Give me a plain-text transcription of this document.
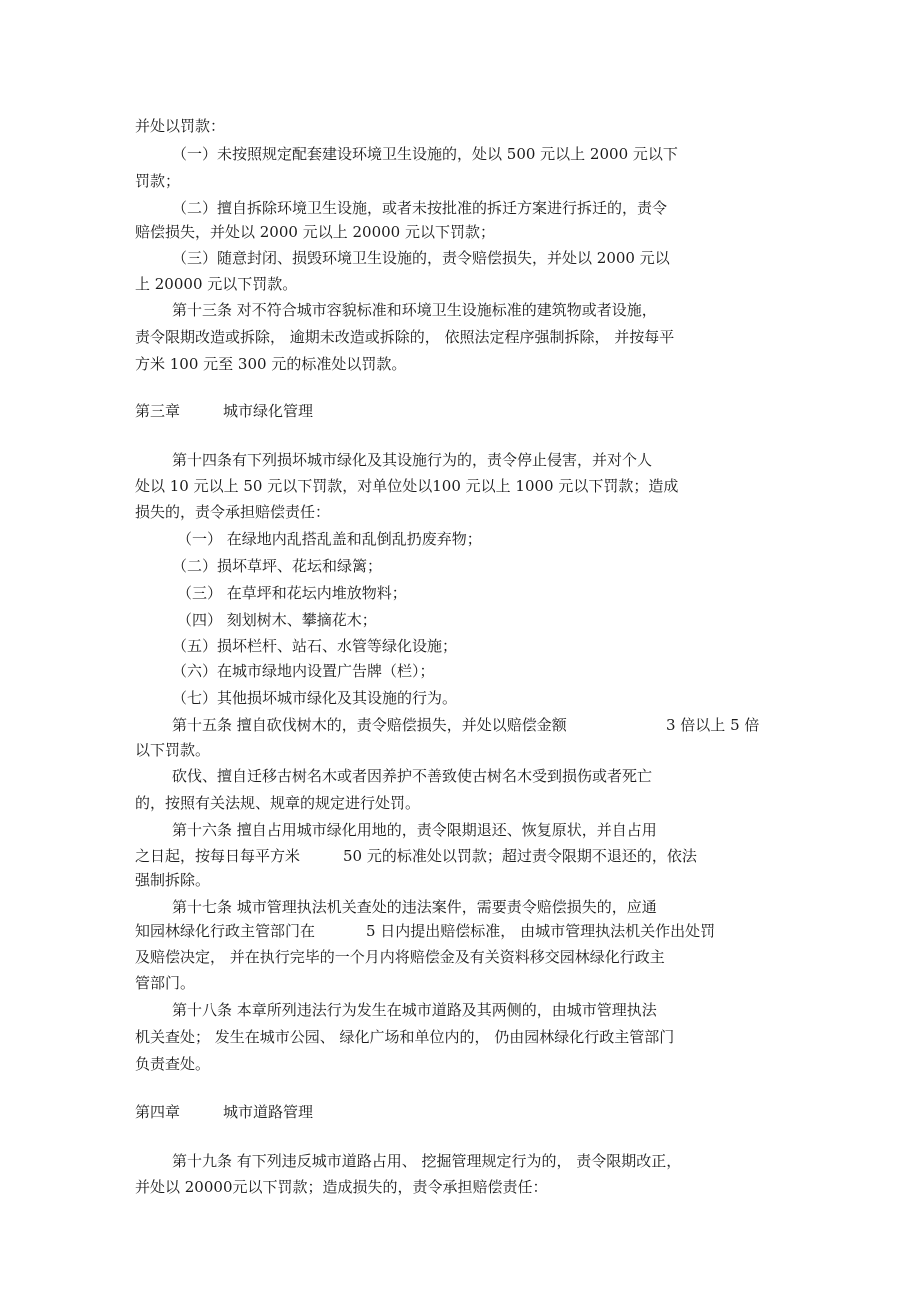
并处以罚款：
（一）未按照规定配套建设环境卫生设施的，处以 500 元以上 2000 元以下
罚款；
（二）擅自拆除环境卫生设施，或者未按批准的拆迁方案进行拆迁的，责令
赔偿损失，并处以 2000 元以上 20000 元以下罚款；
（三）随意封闭、损毁环境卫生设施的，责令赔偿损失，并处以 2000 元以
上 20000 元以下罚款。
第十三条 对不符合城市容貌标准和环境卫生设施标准的建筑物或者设施，
责令限期改造或拆除， 逾期未改造或拆除的， 依照法定程序强制拆除， 并按每平
方米 100 元至 300 元的标准处以罚款。
第三章	城市绿化管理
第十四条有下列损坏城市绿化及其设施行为的，责令停止侵害，并对个人
处以 10 元以上 50 元以下罚款，对单位处以100 元以上 1000 元以下罚款；造成
损失的，责令承担赔偿责任：
（一） 在绿地内乱搭乱盖和乱倒乱扔废弃物；
（二）损坏草坪、花坛和绿篱；
（三） 在草坪和花坛内堆放物料；
（四） 刻划树木、攀摘花木；
（五）损坏栏杆、站石、水管等绿化设施；
（六）在城市绿地内设置广告牌（栏）；
（七）其他损坏城市绿化及其设施的行为。
第十五条 擅自砍伐树木的，责令赔偿损失，并处以赔偿金额	3 倍以上 5 倍
以下罚款。
砍伐、擅自迁移古树名木或者因养护不善致使古树名木受到损伤或者死亡
的，按照有关法规、规章的规定进行处罚。
第十六条 擅自占用城市绿化用地的，责令限期退还、恢复原状，并自占用
之日起，按每日每平方米	50 元的标准处以罚款；超过责令限期不退还的，依法
强制拆除。
第十七条 城市管理执法机关查处的违法案件，需要责令赔偿损失的，应通
知园林绿化行政主管部门在	5 日内提出赔偿标准， 由城市管理执法机关作出处罚
及赔偿决定， 并在执行完毕的一个月内将赔偿金及有关资料移交园林绿化行政主
管部门。
第十八条 本章所列违法行为发生在城市道路及其两侧的，由城市管理执法
机关查处； 发生在城市公园、 绿化广场和单位内的， 仍由园林绿化行政主管部门
负责查处。
第四章	城市道路管理
第十九条 有下列违反城市道路占用、 挖掘管理规定行为的， 责令限期改正，
并处以 20000元以下罚款；造成损失的，责令承担赔偿责任：
